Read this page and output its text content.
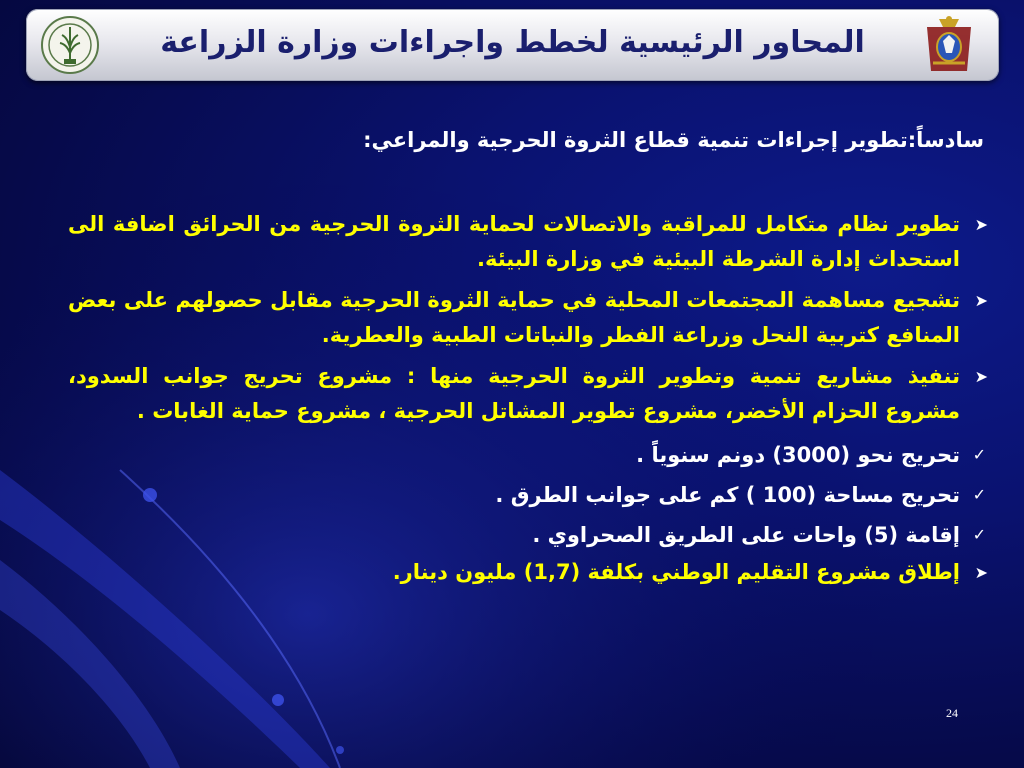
المحاور الرئيسية لخطط واجراءات وزارة الزراعة
سادساً:تطوير إجراءات تنمية قطاع الثروة الحرجية والمراعي:
➤
تطوير نظام متكامل للمراقبة والاتصالات لحماية الثروة الحرجية من الحرائق اضافة الى استحداث إدارة الشرطة البيئية في وزارة البيئة.
➤
تشجيع مساهمة المجتمعات المحلية في حماية الثروة الحرجية مقابل حصولهم على بعض المنافع كتربية النحل وزراعة الفطر والنباتات الطبية والعطرية.
➤
تنفيذ مشاريع تنمية وتطوير الثروة الحرجية منها : مشروع تحريج جوانب السدود، مشروع الحزام الأخضر، مشروع تطوير المشاتل الحرجية ، مشروع حماية الغابات .
✓
تحريج نحو (3000) دونم سنوياً .
✓
تحريج مساحة (100 ) كم على جوانب الطرق .
✓
إقامة (5) واحات على الطريق الصحراوي .
➤
إطلاق مشروع التقليم الوطني بكلفة (1,7) مليون دينار.
24
